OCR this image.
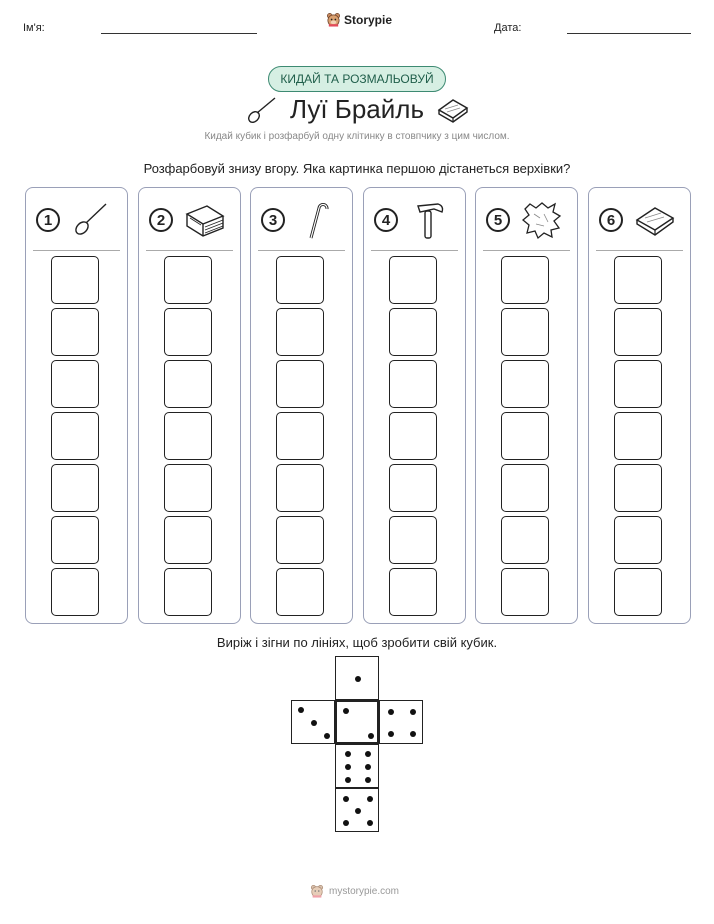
Ім'я:
Storypie
Дата:
КИДАЙ ТА РОЗМАЛЬОВУЙ
Луї Брайль
Кидай кубик і розфарбуй одну клітинку в стовпчику з цим числом.
Розфарбовуй знизу вгору. Яка картинка першою дістанеться верхівки?
1	2	3	4	5	6
Виріж і зігни по лініях, щоб зробити свій кубик.
mystorypie.com
